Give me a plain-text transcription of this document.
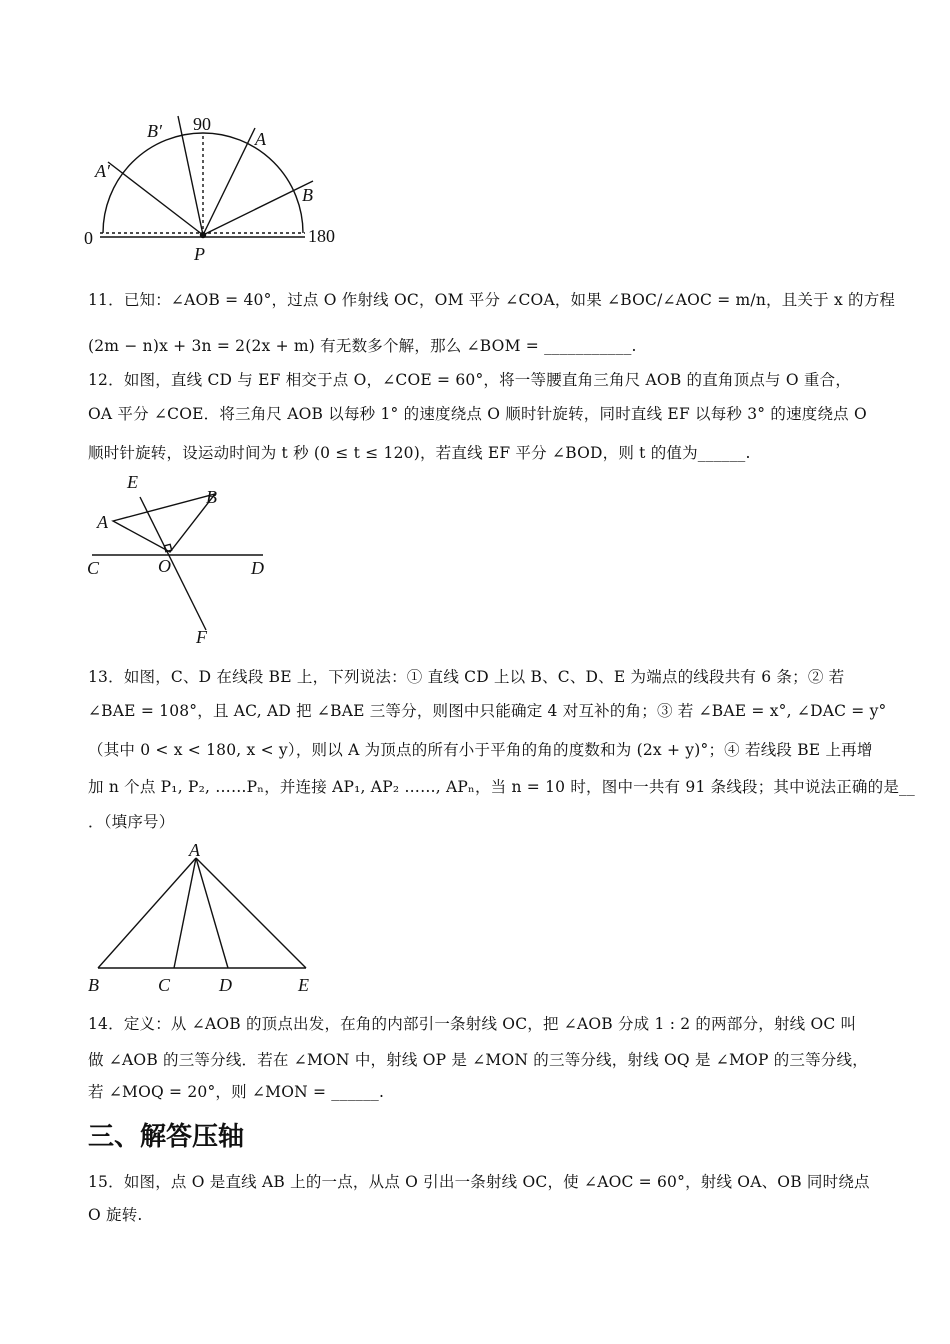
0
90
180
P
A′
B′	A
B
E
B
A
C	O	D
F
A
B	C	D	E
11．已知：∠AOB = 40°，过点 O 作射线 OC，OM 平分 ∠COA，如果 ∠BOC/∠AOC = m/n，且关于 x 的方程
(2m − n)x + 3n = 2(2x + m) 有无数多个解，那么 ∠BOM = ___________.
12．如图，直线 CD 与 EF 相交于点 O，∠COE = 60°，将一等腰直角三角尺 AOB 的直角顶点与 O 重合，
OA 平分 ∠COE．将三角尺 AOB 以每秒 1° 的速度绕点 O 顺时针旋转，同时直线 EF 以每秒 3° 的速度绕点 O
顺时针旋转，设运动时间为 t 秒 (0 ≤ t ≤ 120)，若直线 EF 平分 ∠BOD，则 t 的值为______.
13．如图，C、D 在线段 BE 上，下列说法：① 直线 CD 上以 B、C、D、E 为端点的线段共有 6 条；② 若
∠BAE = 108°，且 AC, AD 把 ∠BAE 三等分，则图中只能确定 4 对互补的角；③ 若 ∠BAE = x°, ∠DAC = y°
（其中 0 < x < 180, x < y），则以 A 为顶点的所有小于平角的角的度数和为 (2x + y)°；④ 若线段 BE 上再增
加 n 个点 P₁, P₂, ……Pₙ，并连接 AP₁, AP₂ ……, APₙ，当 n = 10 时，图中一共有 91 条线段；其中说法正确的是__
．（填序号）
14．定义：从 ∠AOB 的顶点出发，在角的内部引一条射线 OC，把 ∠AOB 分成 1 : 2 的两部分，射线 OC 叫
做 ∠AOB 的三等分线．若在 ∠MON 中，射线 OP 是 ∠MON 的三等分线，射线 OQ 是 ∠MOP 的三等分线，
若 ∠MOQ = 20°，则 ∠MON = ______.
三、解答压轴
15．如图，点 O 是直线 AB 上的一点，从点 O 引出一条射线 OC，使 ∠AOC = 60°，射线 OA、OB 同时绕点
O 旋转.
